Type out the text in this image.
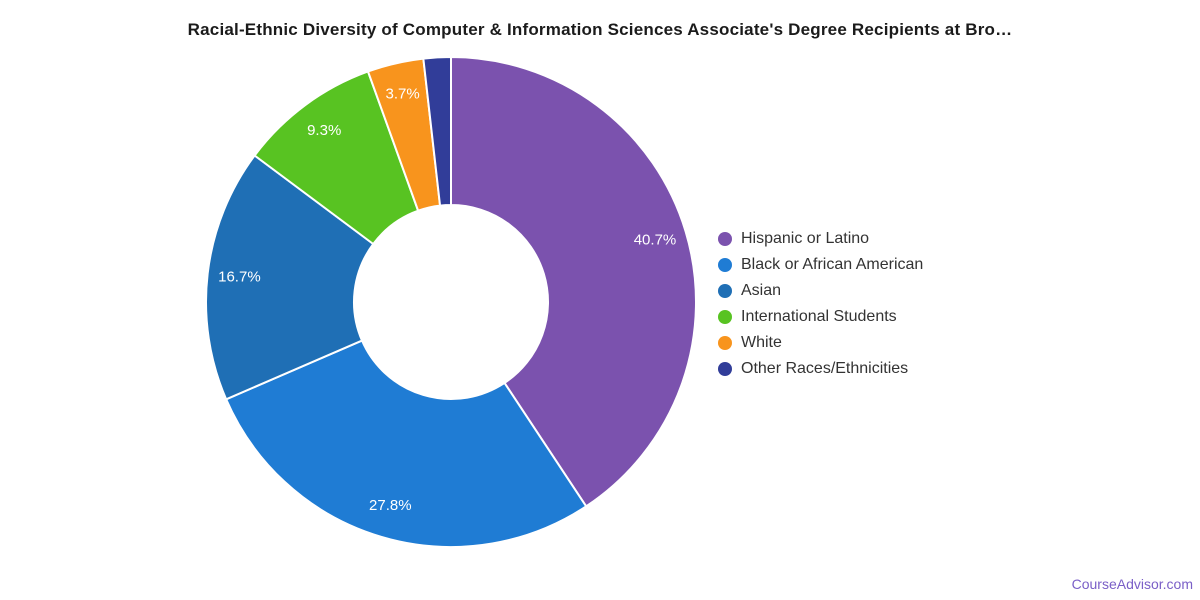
Racial-Ethnic Diversity of Computer & Information Sciences Associate's Degree Recipients at Bro…
40.7%
27.8%
16.7%
9.3%
3.7%
Hispanic or Latino
Black or African American
Asian
International Students
White
Other Races/Ethnicities
CourseAdvisor.com
